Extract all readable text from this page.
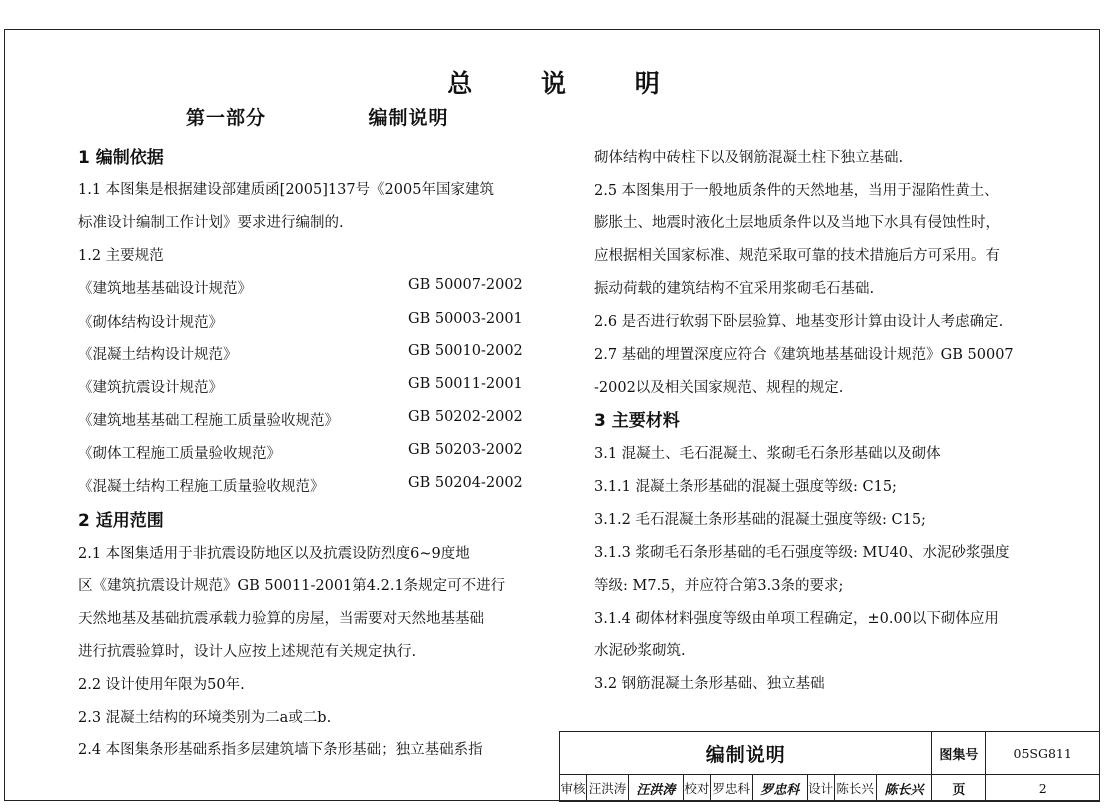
总 说 明
第一部分    编制说明
1 编制依据
1.1 本图集是根据建设部建质函[2005]137号《2005年国家建筑
标准设计编制工作计划》要求进行编制的.
1.2 主要规范
《建筑地基基础设计规范》	GB 50007-2002
《砌体结构设计规范》	GB 50003-2001
《混凝土结构设计规范》	GB 50010-2002
《建筑抗震设计规范》	GB 50011-2001
《建筑地基基础工程施工质量验收规范》	GB 50202-2002
《砌体工程施工质量验收规范》	GB 50203-2002
《混凝土结构工程施工质量验收规范》	GB 50204-2002
2 适用范围
2.1 本图集适用于非抗震设防地区以及抗震设防烈度6~9度地
区《建筑抗震设计规范》GB 50011-2001第4.2.1条规定可不进行
天然地基及基础抗震承载力验算的房屋，当需要对天然地基基础
进行抗震验算时，设计人应按上述规范有关规定执行.
2.2 设计使用年限为50年.
2.3 混凝土结构的环境类别为二a或二b.
2.4 本图集条形基础系指多层建筑墙下条形基础；独立基础系指
砌体结构中砖柱下以及钢筋混凝土柱下独立基础.
2.5 本图集用于一般地质条件的天然地基，当用于湿陷性黄土、
膨胀土、地震时液化土层地质条件以及当地下水具有侵蚀性时，
应根据相关国家标准、规范采取可靠的技术措施后方可采用。有
振动荷载的建筑结构不宜采用浆砌毛石基础.
2.6 是否进行软弱下卧层验算、地基变形计算由设计人考虑确定.
2.7 基础的埋置深度应符合《建筑地基基础设计规范》GB 50007
-2002以及相关国家规范、规程的规定.
3 主要材料
3.1 混凝土、毛石混凝土、浆砌毛石条形基础以及砌体
3.1.1 混凝土条形基础的混凝土强度等级: C15;
3.1.2 毛石混凝土条形基础的混凝土强度等级: C15;
3.1.3 浆砌毛石条形基础的毛石强度等级: MU40、水泥砂浆强度
等级: M7.5，并应符合第3.3条的要求;
3.1.4 砌体材料强度等级由单项工程确定，±0.00以下砌体应用
水泥砂浆砌筑.
3.2 钢筋混凝土条形基础、独立基础
编制说明									图集号	05SG811
审核	汪洪涛	汪洪涛	校对	罗忠科	罗忠科	设计	陈长兴	陈长兴	页	2
